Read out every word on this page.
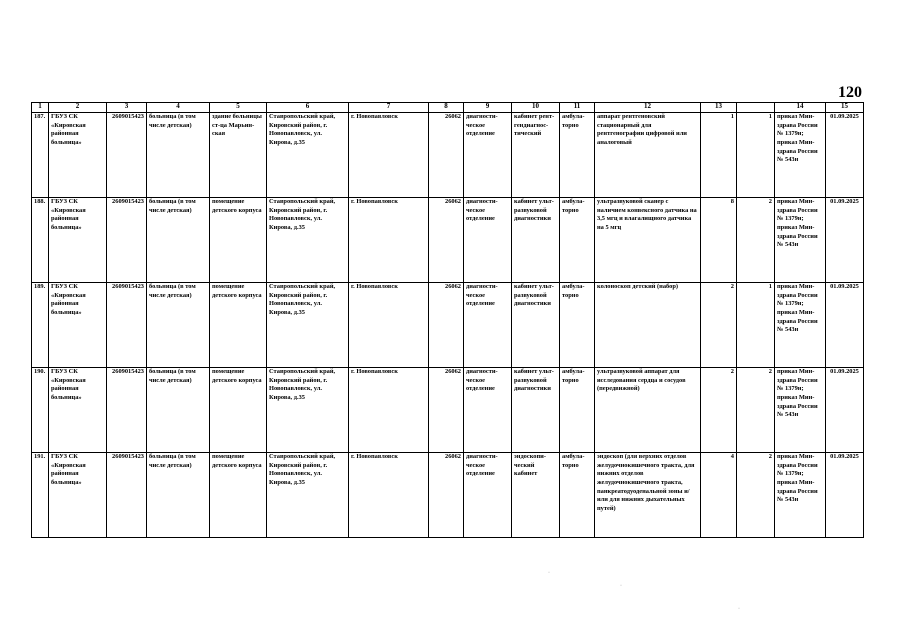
120
1	2	3	4	5	6	7	8	9	10	11	12	13		14	15
187.	ГБУЗ СК «Кировская районная больница»	2609015423	больница (в том числе детская)	здание больницы ст-ца Марьин-ская	Ставропольский край, Кировский район, г. Новопавловск, ул. Кирова, д.35	г. Новопавловск	26062	диагности-ческое отделение	кабинет рент-гендиагнос-тический	амбула-торно	аппарат рентгеновский стационарный для рентгенографии цифровой или аналоговый	1	1	приказ Мин-здрава России № 1379н; приказ Мин-здрава России № 543н	01.09.2025
188.	ГБУЗ СК «Кировская районная больница»	2609015423	больница (в том числе детская)	помещение детского корпуса	Ставропольский край, Кировский район, г. Новопавловск, ул. Кирова, д.35	г. Новопавловск	26062	диагности-ческое отделение	кабинет ульт-развуковой диагностики	амбула-торно	ультразвуковой сканер с наличием конвексного датчика на 3,5 мгц и влагалищного датчика на 5 мгц	8	2	приказ Мин-здрава России № 1379н; приказ Мин-здрава России № 543н	01.09.2025
189.	ГБУЗ СК «Кировская районная больница»	2609015423	больница (в том числе детская)	помещение детского корпуса	Ставропольский край, Кировский район, г. Новопавловск, ул. Кирова, д.35	г. Новопавловск	26062	диагности-ческое отделение	кабинет ульт-развуковой диагностики	амбула-торно	колоноскоп детский (набор)	2	1	приказ Мин-здрава России № 1379н; приказ Мин-здрава России № 543н	01.09.2025
190.	ГБУЗ СК «Кировская районная больница»	2609015423	больница (в том числе детская)	помещение детского корпуса	Ставропольский край, Кировский район, г. Новопавловск, ул. Кирова, д.35	г. Новопавловск	26062	диагности-ческое отделение	кабинет ульт-развуковой диагностики	амбула-торно	ультразвуковой аппарат для исследования сердца и сосудов (передвижной)	2	2	приказ Мин-здрава России № 1379н; приказ Мин-здрава России № 543н	01.09.2025
191.	ГБУЗ СК «Кировская районная больница»	2609015423	больница (в том числе детская)	помещение детского корпуса	Ставропольский край, Кировский район, г. Новопавловск, ул. Кирова, д.35	г. Новопавловск	26062	диагности-ческое отделение	эндоскопи-ческий кабинет	амбула-торно	эндоскоп (для верхних отделов желудочнокишечного тракта, для нижних отделов желудочнокишечного тракта, панкреатодуоденальной зоны и/или для нижних дыхательных путей)	4	2	приказ Мин-здрава России № 1379н; приказ Мин-здрава России № 543н	01.09.2025
·
·
·
